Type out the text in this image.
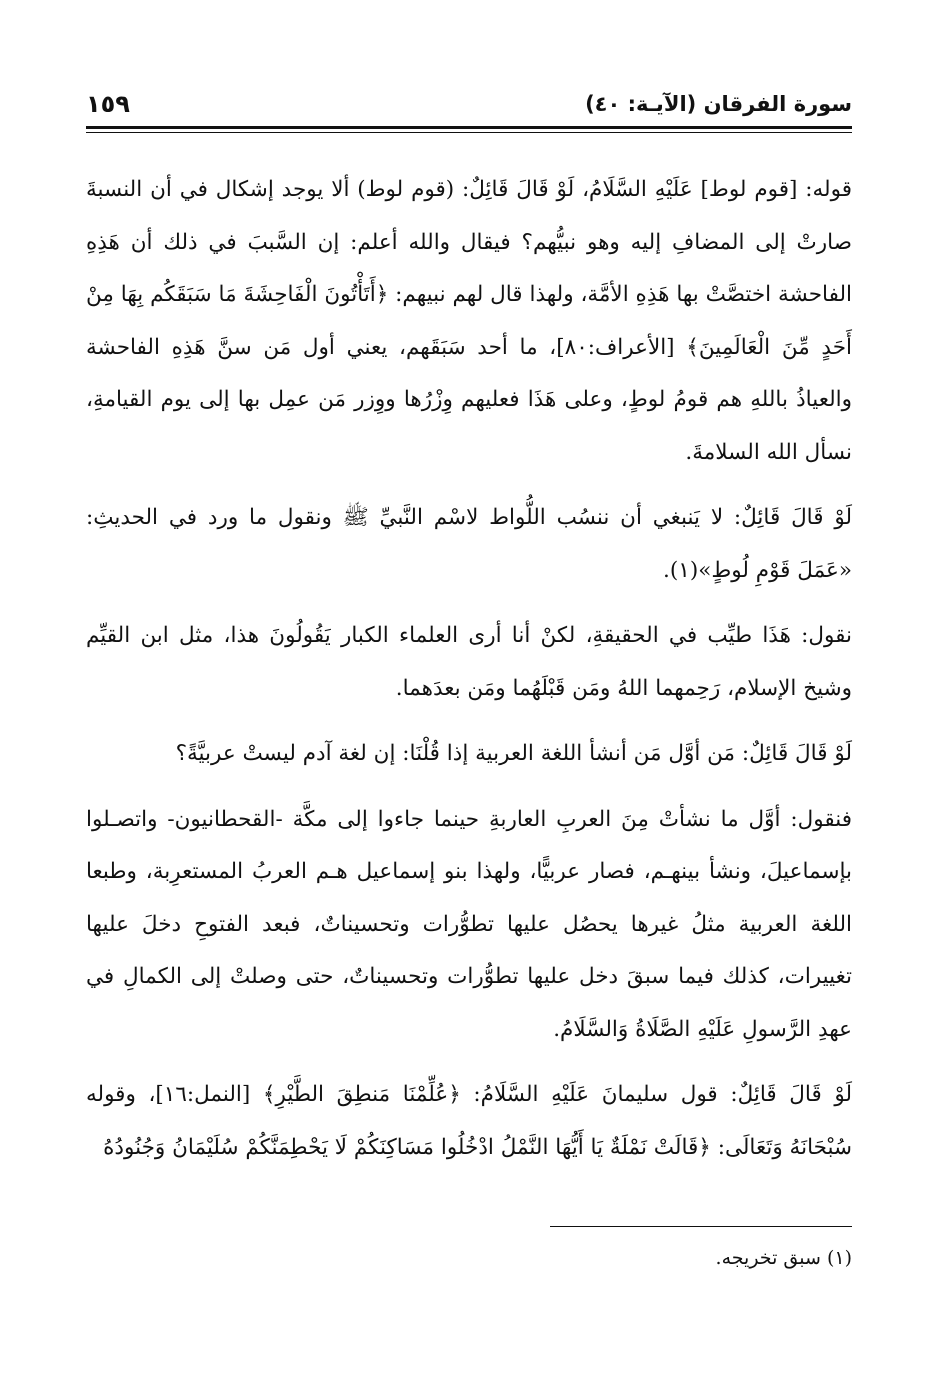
سورة الفرقان (الآيـة: ٤٠)
١٥٩

قوله: [قوم لوط] عَلَيْهِ السَّلَامُ، لَوْ قَالَ قَائِلٌ: (قوم لوط) ألا يوجد إشكال في أن النسبةَ صارتْ إلى المضافِ إليه وهو نبيُّهم؟ فيقال والله أعلم: إن السَّببَ في ذلك أن هَذِهِ الفاحشة اختصَّتْ بها هَذِهِ الأمَّة، ولهذا قال لهم نبيهم: ﴿أَتَأْتُونَ الْفَاحِشَةَ مَا سَبَقَكُم بِهَا مِنْ أَحَدٍ مِّنَ الْعَالَمِينَ﴾ [الأعراف:٨٠]، ما أحد سَبَقَهم، يعني أول مَن سنَّ هَذِهِ الفاحشة والعياذُ باللهِ هم قومُ لوطٍ، وعلى هَذَا فعليهم وِزْرُها ووِزر مَن عمِل بها إلى يوم القيامةِ، نسأل الله السلامةَ.

لَوْ قَالَ قَائِلٌ: لا يَنبغي أن ننسُب اللُّواط لاسْم النَّبيِّ ﷺ ونقول ما ورد في الحديثِ: «عَمَلَ قَوْمِ لُوطٍ»(١).

نقول: هَذَا طيِّب في الحقيقةِ، لكنْ أنا أرى العلماء الكبار يَقُولُونَ هذا، مثل ابن القيِّم وشيخ الإسلام، رَحِمهما اللهُ ومَن قَبْلَهُما ومَن بعدَهما.

لَوْ قَالَ قَائِلٌ: مَن أوَّل مَن أنشأ اللغة العربية إذا قُلْنَا: إن لغة آدم ليستْ عربيَّةً؟

فنقول: أوَّل ما نشأتْ مِنَ العربِ العاربةِ حينما جاءوا إلى مكَّة -القحطانيون- واتصـلوا بإسماعيلَ، ونشأ بينهـم، فصار عربيًّا، ولهذا بنو إسماعيل هـم العربُ المستعرِبة، وطبعا اللغة العربية مثلُ غيرها يحصُل عليها تطوُّرات وتحسيناتٌ، فبعد الفتوحِ دخلَ عليها تغييرات، كذلك فيما سبقَ دخل عليها تطوُّرات وتحسيناتٌ، حتى وصلتْ إلى الكمالِ في عهدِ الرَّسولِ عَلَيْهِ الصَّلَاةُ وَالسَّلَامُ.

لَوْ قَالَ قَائِلٌ: قول سليمانَ عَلَيْهِ السَّلَامُ: ﴿عُلِّمْنَا مَنطِقَ الطَّيْرِ﴾ [النمل:١٦]، وقوله سُبْحَانَهُ وَتَعَالَى: ﴿قَالَتْ نَمْلَةٌ يَا أَيُّهَا النَّمْلُ ادْخُلُوا مَسَاكِنَكُمْ لَا يَحْطِمَنَّكُمْ سُلَيْمَانُ وَجُنُودُهُ

(١) سبق تخريجه.
